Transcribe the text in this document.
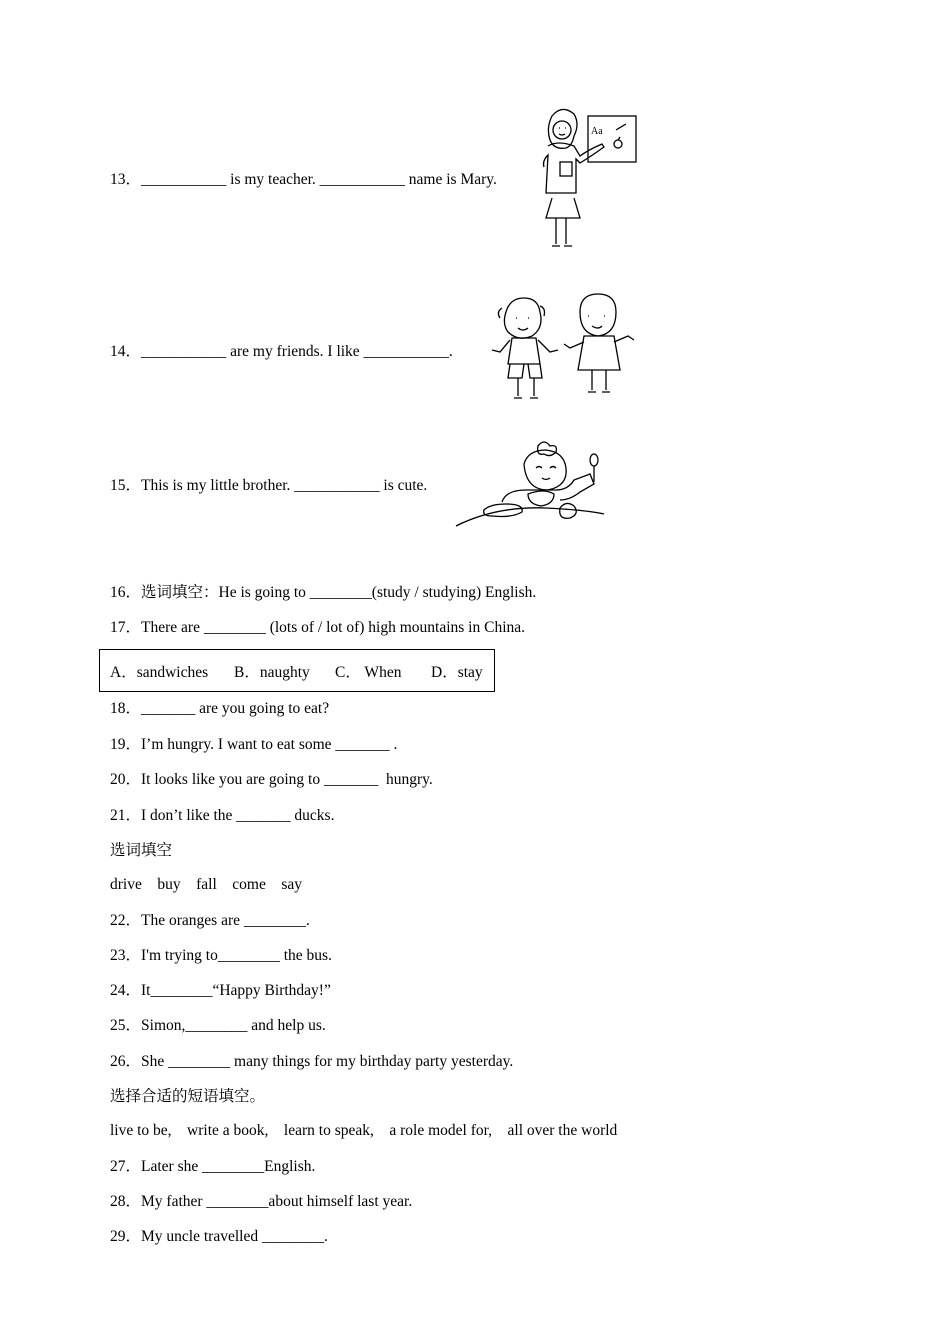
13．___________ is my teacher. ___________ name is Mary.
Aa
14．___________ are my friends. I like ___________.
15．This is my little brother. ___________ is cute.
16．选词填空：He is going to ________(study / studying) English.
17．There are ________ (lots of / lot of) high mountains in China.
A．sandwiches B．naughty C． When D．stay
18．_______ are you going to eat?
19．I’m hungry. I want to eat some _______ .
20．It looks like you are going to _______  hungry.
21．I don’t like the _______ ducks.
选词填空
drive    buy    fall    come    say
22．The oranges are ________.
23．I'm trying to________ the bus.
24．It________“Happy Birthday!”
25．Simon,________ and help us.
26．She ________ many things for my birthday party yesterday.
选择合适的短语填空。
live to be,    write a book,    learn to speak,    a role model for,    all over the world
27．Later she ________English.
28．My father ________about himself last year.
29．My uncle travelled ________.
